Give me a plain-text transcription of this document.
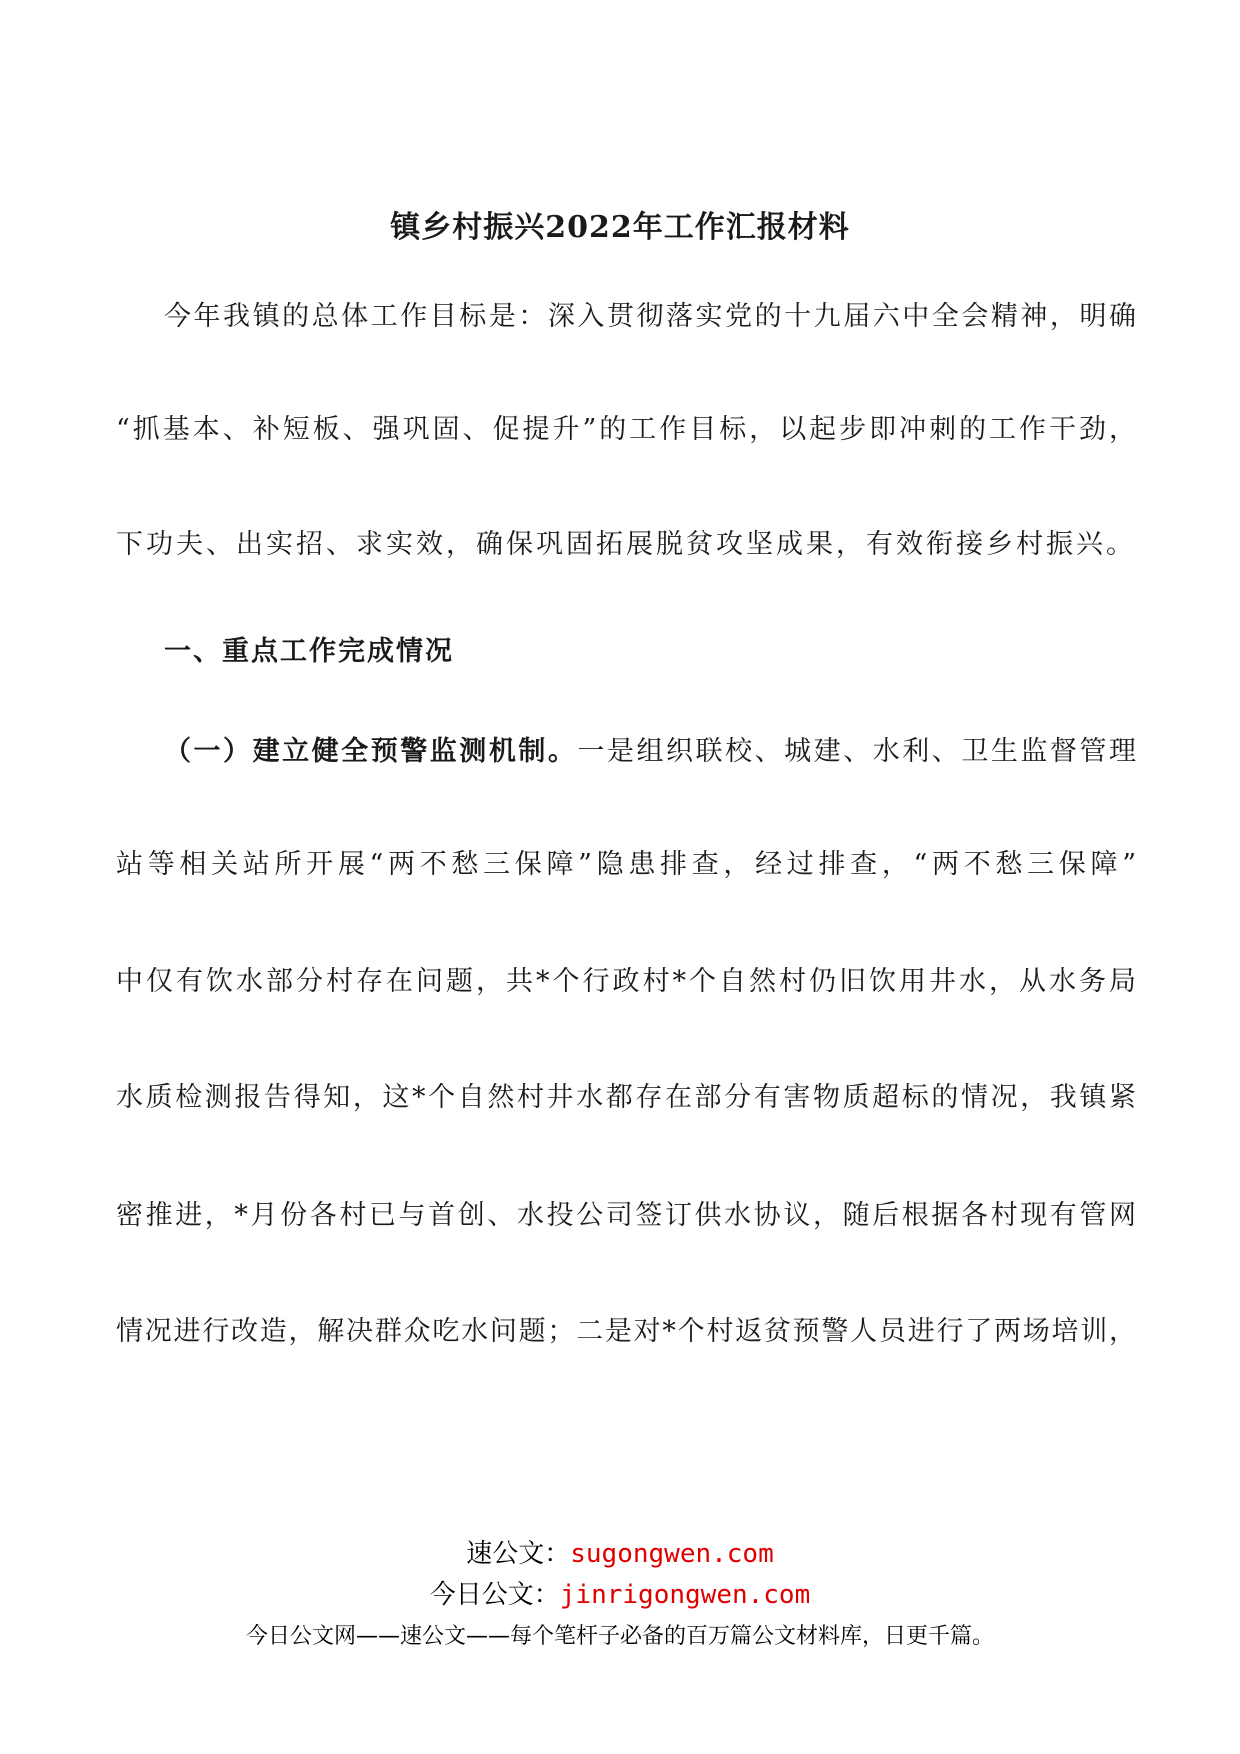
镇乡村振兴2022年工作汇报材料
今年我镇的总体工作目标是：深入贯彻落实党的十九届六中全会精神，明确
“抓基本、补短板、强巩固、促提升”的工作目标，以起步即冲刺的工作干劲，
下功夫、出实招、求实效，确保巩固拓展脱贫攻坚成果，有效衔接乡村振兴。
一、重点工作完成情况
（一）建立健全预警监测机制。一是组织联校、城建、水利、卫生监督管理
站等相关站所开展“两不愁三保障”隐患排查，经过排查，“两不愁三保障”
中仅有饮水部分村存在问题，共*个行政村*个自然村仍旧饮用井水，从水务局
水质检测报告得知，这*个自然村井水都存在部分有害物质超标的情况，我镇紧
密推进，*月份各村已与首创、水投公司签订供水协议，随后根据各村现有管网
情况进行改造，解决群众吃水问题；二是对*个村返贫预警人员进行了两场培训，
速公文：sugongwen.com
今日公文：jinrigongwen.com
今日公文网——速公文——每个笔杆子必备的百万篇公文材料库，日更千篇。
